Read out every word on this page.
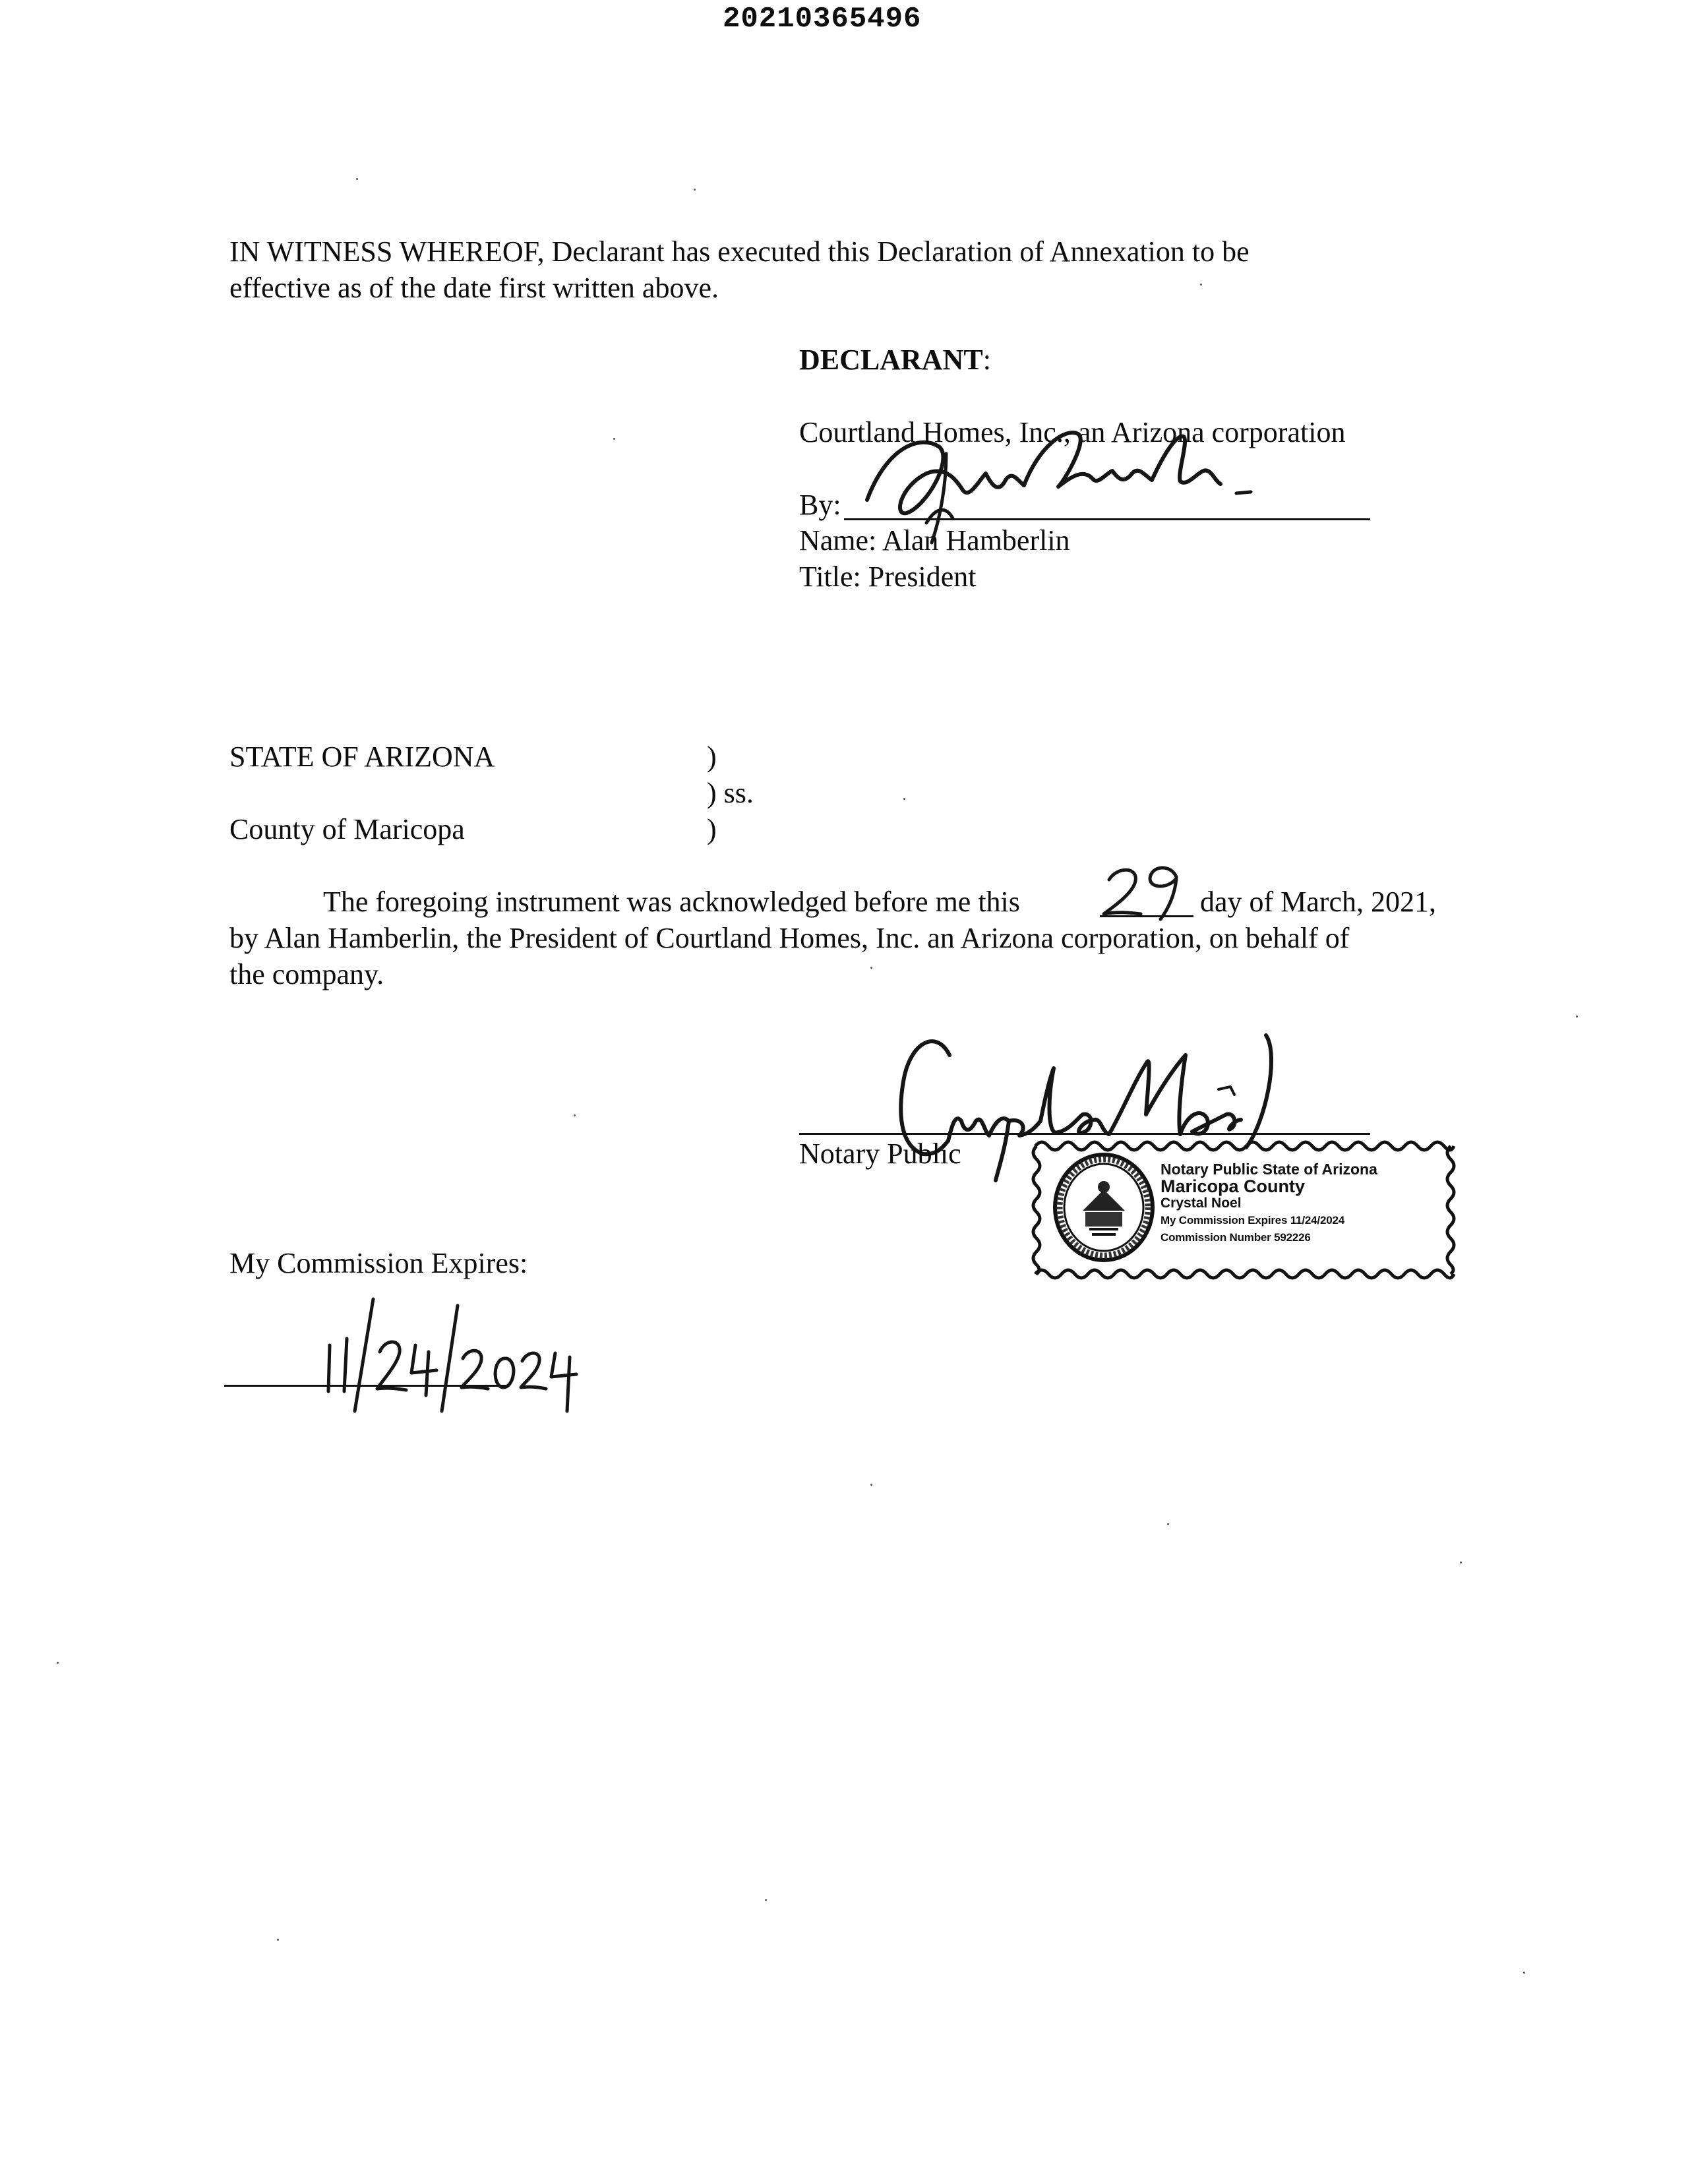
20210365496
IN WITNESS WHEREOF, Declarant has executed this Declaration of Annexation to be
effective as of the date first written above.
DECLARANT:
Courtland Homes, Inc., an Arizona corporation
By:
Name: Alan Hamberlin
Title: President
STATE OF ARIZONA	)
) ss.
County of Maricopa	)
The foregoing instrument was acknowledged before me this	day of March, 2021,
by Alan Hamberlin, the President of Courtland Homes, Inc. an Arizona corporation, on behalf of
the company.
Notary Public	Notary Public State of Arizona
Maricopa County
Crystal Noel
My Commission Expires 11/24/2024
Commission Number 592226
My Commission Expires:
